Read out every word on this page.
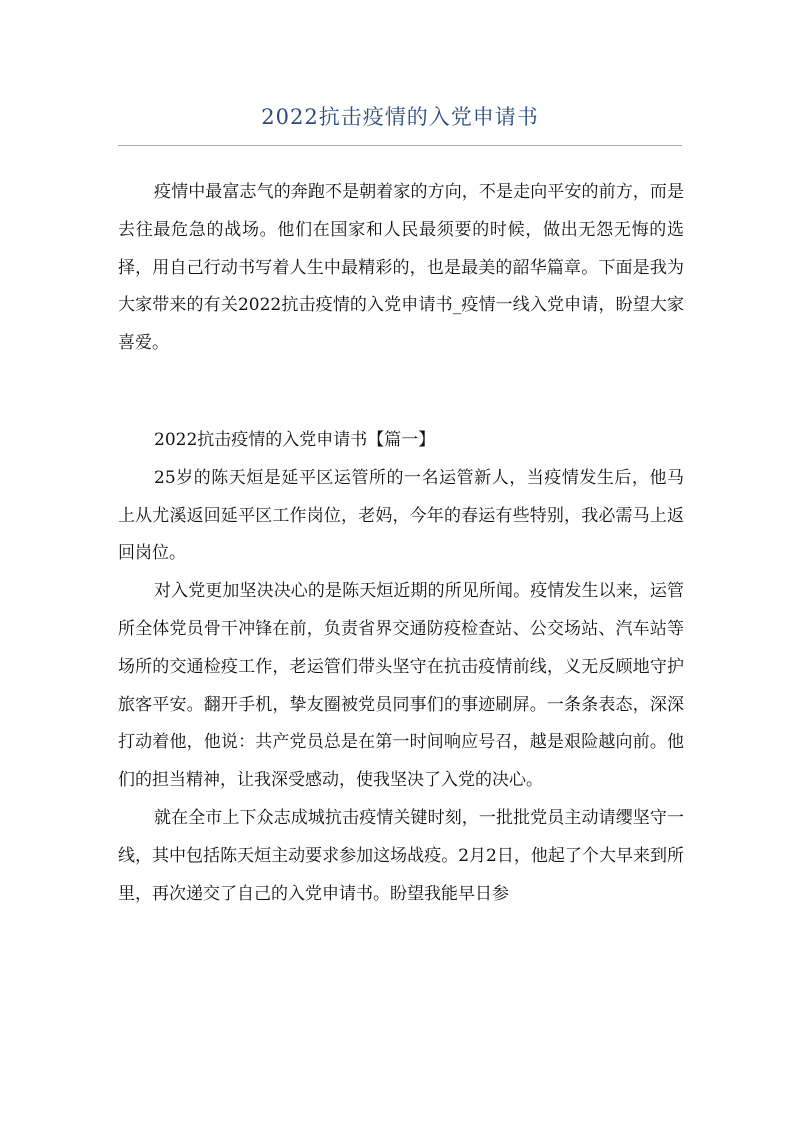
2022抗击疫情的入党申请书

疫情中最富志气的奔跑不是朝着家的方向，不是走向平安的前方，而是去往最危急的战场。他们在国家和人民最须要的时候，做出无怨无悔的选择，用自己行动书写着人生中最精彩的，也是最美的韶华篇章。下面是我为大家带来的有关2022抗击疫情的入党申请书_疫情一线入党申请，盼望大家喜爱。

2022抗击疫情的入党申请书【篇一】

25岁的陈天烜是延平区运管所的一名运管新人，当疫情发生后，他马上从尤溪返回延平区工作岗位，老妈，今年的春运有些特别，我必需马上返回岗位。

对入党更加坚决决心的是陈天烜近期的所见所闻。疫情发生以来，运管所全体党员骨干冲锋在前，负责省界交通防疫检查站、公交场站、汽车站等场所的交通检疫工作，老运管们带头坚守在抗击疫情前线，义无反顾地守护旅客平安。翻开手机，挚友圈被党员同事们的事迹刷屏。一条条表态，深深打动着他，他说：共产党员总是在第一时间响应号召，越是艰险越向前。他们的担当精神，让我深受感动，使我坚决了入党的决心。

就在全市上下众志成城抗击疫情关键时刻，一批批党员主动请缨坚守一线，其中包括陈天烜主动要求参加这场战疫。2月2日，他起了个大早来到所里，再次递交了自己的入党申请书。盼望我能早日参
